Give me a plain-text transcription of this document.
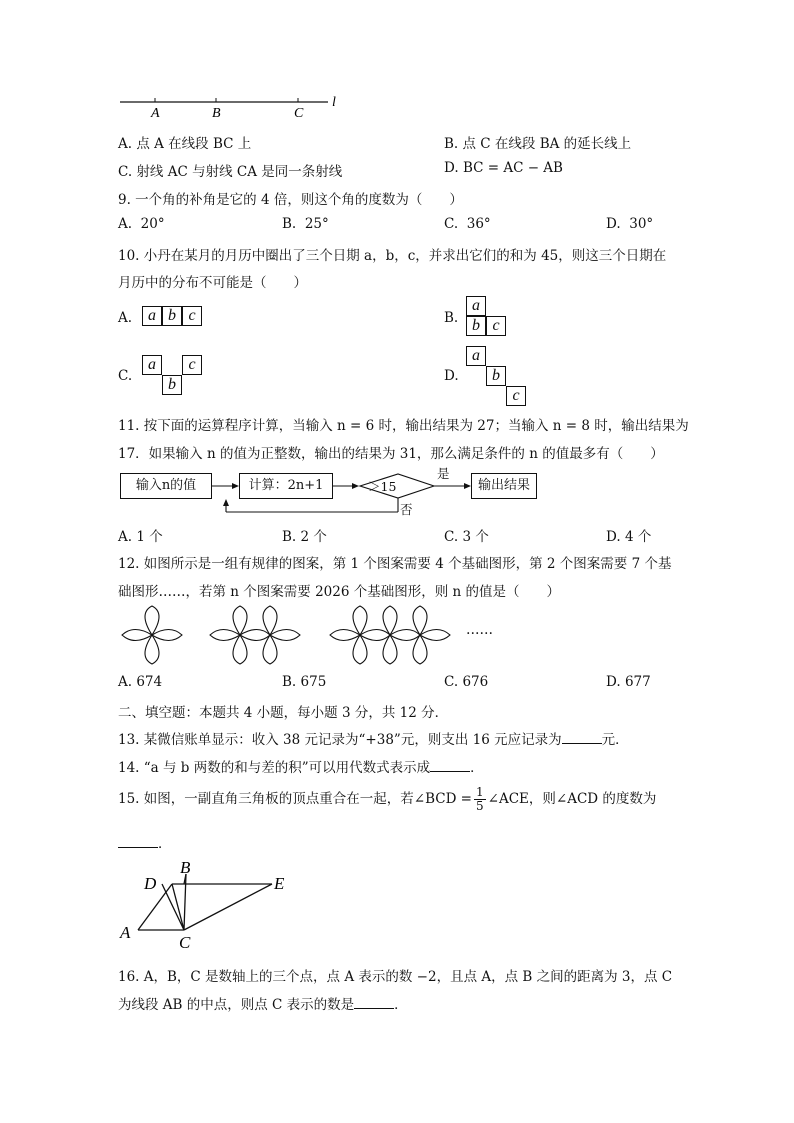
A	B	C
l
A. 点 A 在线段 BC 上	B. 点 C 在线段 BA 的延长线上
C. 射线 AC 与射线 CA 是同一条射线	D. BC = AC − AB
9. 一个角的补角是它的 4 倍，则这个角的度数为（　　）
A. 20°	B. 25°	C. 36°	D. 30°
10. 小丹在某月的月历中圈出了三个日期 a，b，c，并求出它们的和为 45，则这三个日期在
月历中的分布不可能是（　　）
A. a b c	B.
a
b c
C.
a	c
b	D.
a
b
c
11. 按下面的运算程序计算，当输入 n = 6 时，输出结果为 27；当输入 n = 8 时，输出结果为
17．如果输入 n 的值为正整数，输出的结果为 31，那么满足条件的 n 的值最多有（　　）
输入n的值	计算：2n+1	输出结果
＞15
是
否
A. 1 个	B. 2 个	C. 3 个	D. 4 个
12. 如图所示是一组有规律的图案，第 1 个图案需要 4 个基础图形，第 2 个图案需要 7 个基
础图形……，若第 n 个图案需要 2026 个基础图形，则 n 的值是（　　）
……
A. 674	B. 675	C. 676	D. 677
二、填空题：本题共 4 小题，每小题 3 分，共 12 分．
13. 某微信账单显示：收入 38 元记录为“+38”元，则支出 16 元应记录为	元．
14. “a 与 b 两数的和与差的积”可以用代数式表示成	．
15. 如图，一副直角三角板的顶点重合在一起，若∠BCD = $\frac{1}{5}$ ∠ACE，则∠ACD 的度数为
．
B
D	E
A
C
16. A，B，C 是数轴上的三个点，点 A 表示的数 −2，且点 A，点 B 之间的距离为 3，点 C
为线段 AB 的中点，则点 C 表示的数是	．
